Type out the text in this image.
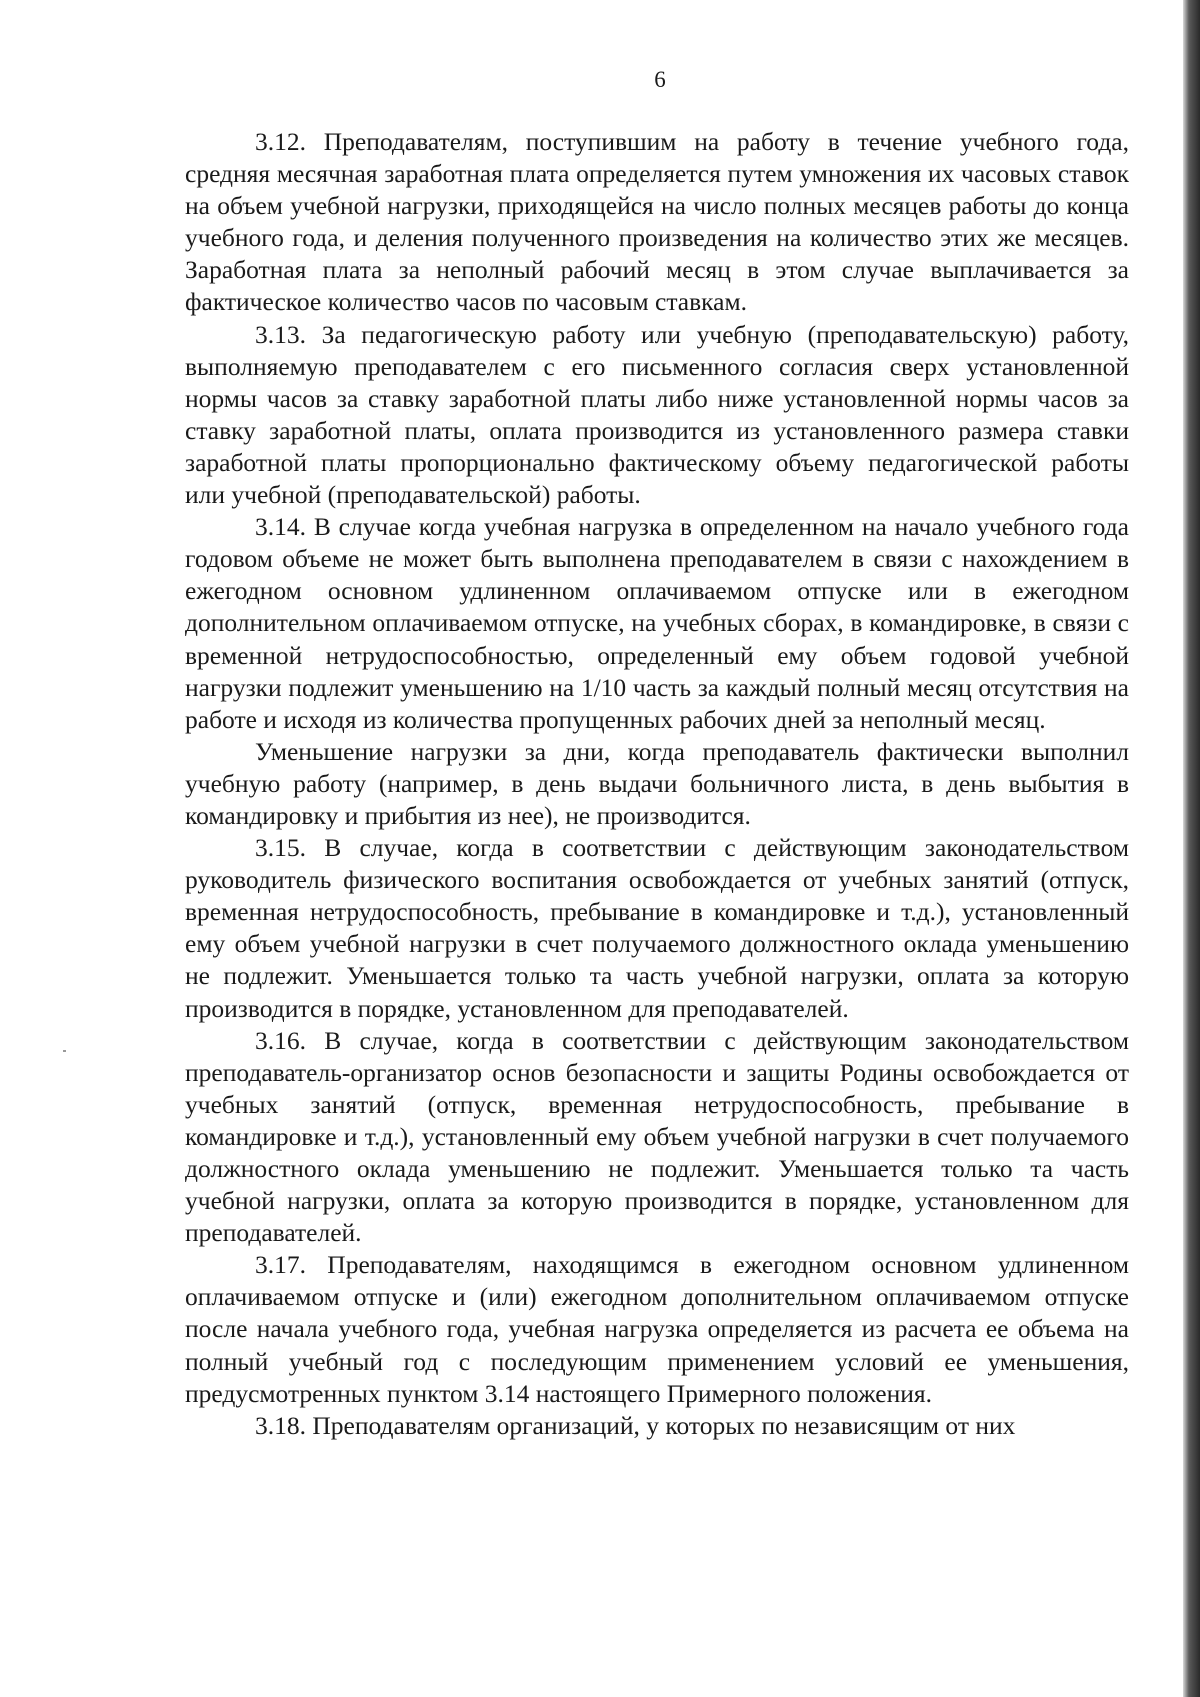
6

3.12. Преподавателям, поступившим на работу в течение учебного года, средняя месячная заработная плата определяется путем умножения их часовых ставок на объем учебной нагрузки, приходящейся на число полных месяцев работы до конца учебного года, и деления полученного произведения на количество этих же месяцев. Заработная плата за неполный рабочий месяц в этом случае выплачивается за фактическое количество часов по часовым ставкам.

3.13. За педагогическую работу или учебную (преподавательскую) работу, выполняемую преподавателем с его письменного согласия сверх установленной нормы часов за ставку заработной платы либо ниже установленной нормы часов за ставку заработной платы, оплата производится из установленного размера ставки заработной платы пропорционально фактическому объему педагогической работы или учебной (преподавательской) работы.

3.14. В случае когда учебная нагрузка в определенном на начало учебного года годовом объеме не может быть выполнена преподавателем в связи с нахождением в ежегодном основном удлиненном оплачиваемом отпуске или в ежегодном дополнительном оплачиваемом отпуске, на учебных сборах, в командировке, в связи с временной нетрудоспособностью, определенный ему объем годовой учебной нагрузки подлежит уменьшению на 1/10 часть за каждый полный месяц отсутствия на работе и исходя из количества пропущенных рабочих дней за неполный месяц.

Уменьшение нагрузки за дни, когда преподаватель фактически выполнил учебную работу (например, в день выдачи больничного листа, в день выбытия в командировку и прибытия из нее), не производится.

3.15. В случае, когда в соответствии с действующим законодательством руководитель физического воспитания освобождается от учебных занятий (отпуск, временная нетрудоспособность, пребывание в командировке и т.д.), установленный ему объем учебной нагрузки в счет получаемого должностного оклада уменьшению не подлежит. Уменьшается только та часть учебной нагрузки, оплата за которую производится в порядке, установленном для преподавателей.

3.16. В случае, когда в соответствии с действующим законодательством преподаватель-организатор основ безопасности и защиты Родины освобождается от учебных занятий (отпуск, временная нетрудоспособность, пребывание в командировке и т.д.), установленный ему объем учебной нагрузки в счет получаемого должностного оклада уменьшению не подлежит. Уменьшается только та часть учебной нагрузки, оплата за которую производится в порядке, установленном для преподавателей.

3.17. Преподавателям, находящимся в ежегодном основном удлиненном оплачиваемом отпуске и (или) ежегодном дополнительном оплачиваемом отпуске после начала учебного года, учебная нагрузка определяется из расчета ее объема на полный учебный год с последующим применением условий ее уменьшения, предусмотренных пунктом 3.14 настоящего Примерного положения.

3.18. Преподавателям организаций, у которых по независящим от них
